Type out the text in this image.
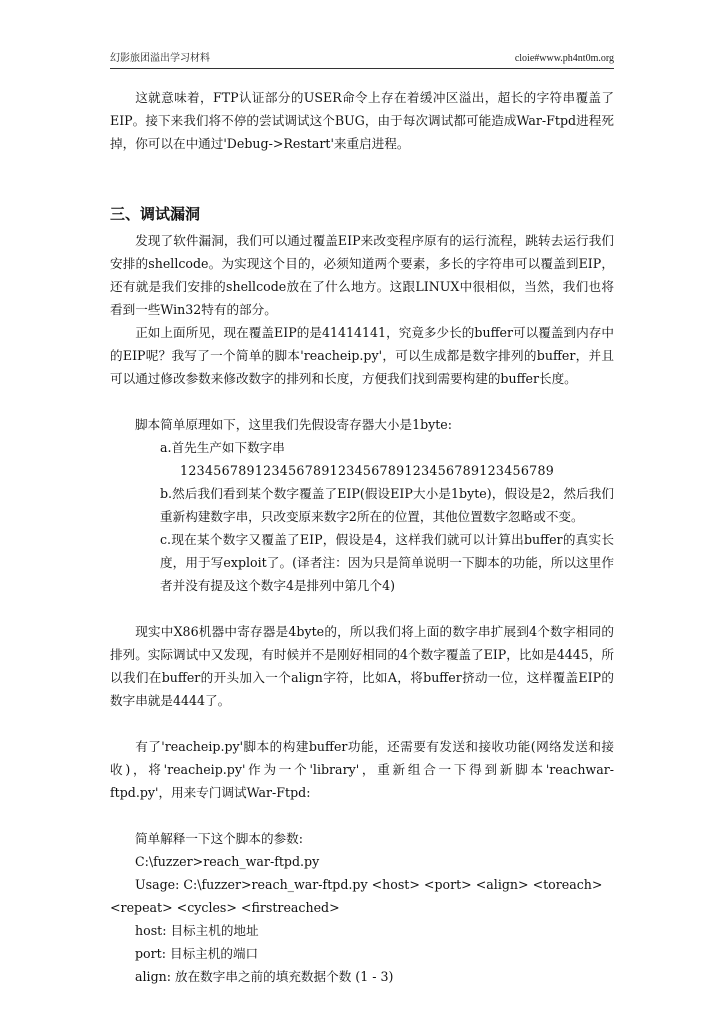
幻影旅团溢出学习材料	cloie#www.ph4nt0m.org

这就意味着，FTP认证部分的USER命令上存在着缓冲区溢出，超长的字符串覆盖了EIP。接下来我们将不停的尝试调试这个BUG，由于每次调试都可能造成War-Ftpd进程死掉，你可以在中通过'Debug->Restart'来重启进程。

三、调试漏洞

发现了软件漏洞，我们可以通过覆盖EIP来改变程序原有的运行流程，跳转去运行我们安排的shellcode。为实现这个目的，必须知道两个要素，多长的字符串可以覆盖到EIP，还有就是我们安排的shellcode放在了什么地方。这跟LINUX中很相似，当然，我们也将看到一些Win32特有的部分。

正如上面所见，现在覆盖EIP的是41414141，究竟多少长的buffer可以覆盖到内存中的EIP呢？我写了一个简单的脚本'reacheip.py'，可以生成都是数字排列的buffer，并且可以通过修改参数来修改数字的排列和长度，方便我们找到需要构建的buffer长度。

脚本简单原理如下，这里我们先假设寄存器大小是1byte:

a.首先生产如下数字串

123456789123456789123456789123456789123456789

b.然后我们看到某个数字覆盖了EIP(假设EIP大小是1byte)，假设是2，然后我们重新构建数字串，只改变原来数字2所在的位置，其他位置数字忽略或不变。

c.现在某个数字又覆盖了EIP，假设是4，这样我们就可以计算出buffer的真实长度，用于写exploit了。(译者注：因为只是简单说明一下脚本的功能，所以这里作者并没有提及这个数字4是排列中第几个4)

现实中X86机器中寄存器是4byte的，所以我们将上面的数字串扩展到4个数字相同的排列。实际调试中又发现，有时候并不是刚好相同的4个数字覆盖了EIP，比如是4445，所以我们在buffer的开头加入一个align字符，比如A，将buffer挤动一位，这样覆盖EIP的数字串就是4444了。

有了'reacheip.py'脚本的构建buffer功能，还需要有发送和接收功能(网络发送和接收)，将'reacheip.py'作为一个'library'，重新组合一下得到新脚本'reachwar-ftpd.py'，用来专门调试War-Ftpd:

简单解释一下这个脚本的参数:

C:\fuzzer>reach_war-ftpd.py

Usage: C:\fuzzer>reach_war-ftpd.py <host> <port> <align> <toreach> <repeat> <cycles> <firstreached>

host: 目标主机的地址

port: 目标主机的端口

align: 放在数字串之前的填充数据个数 (1 - 3)
